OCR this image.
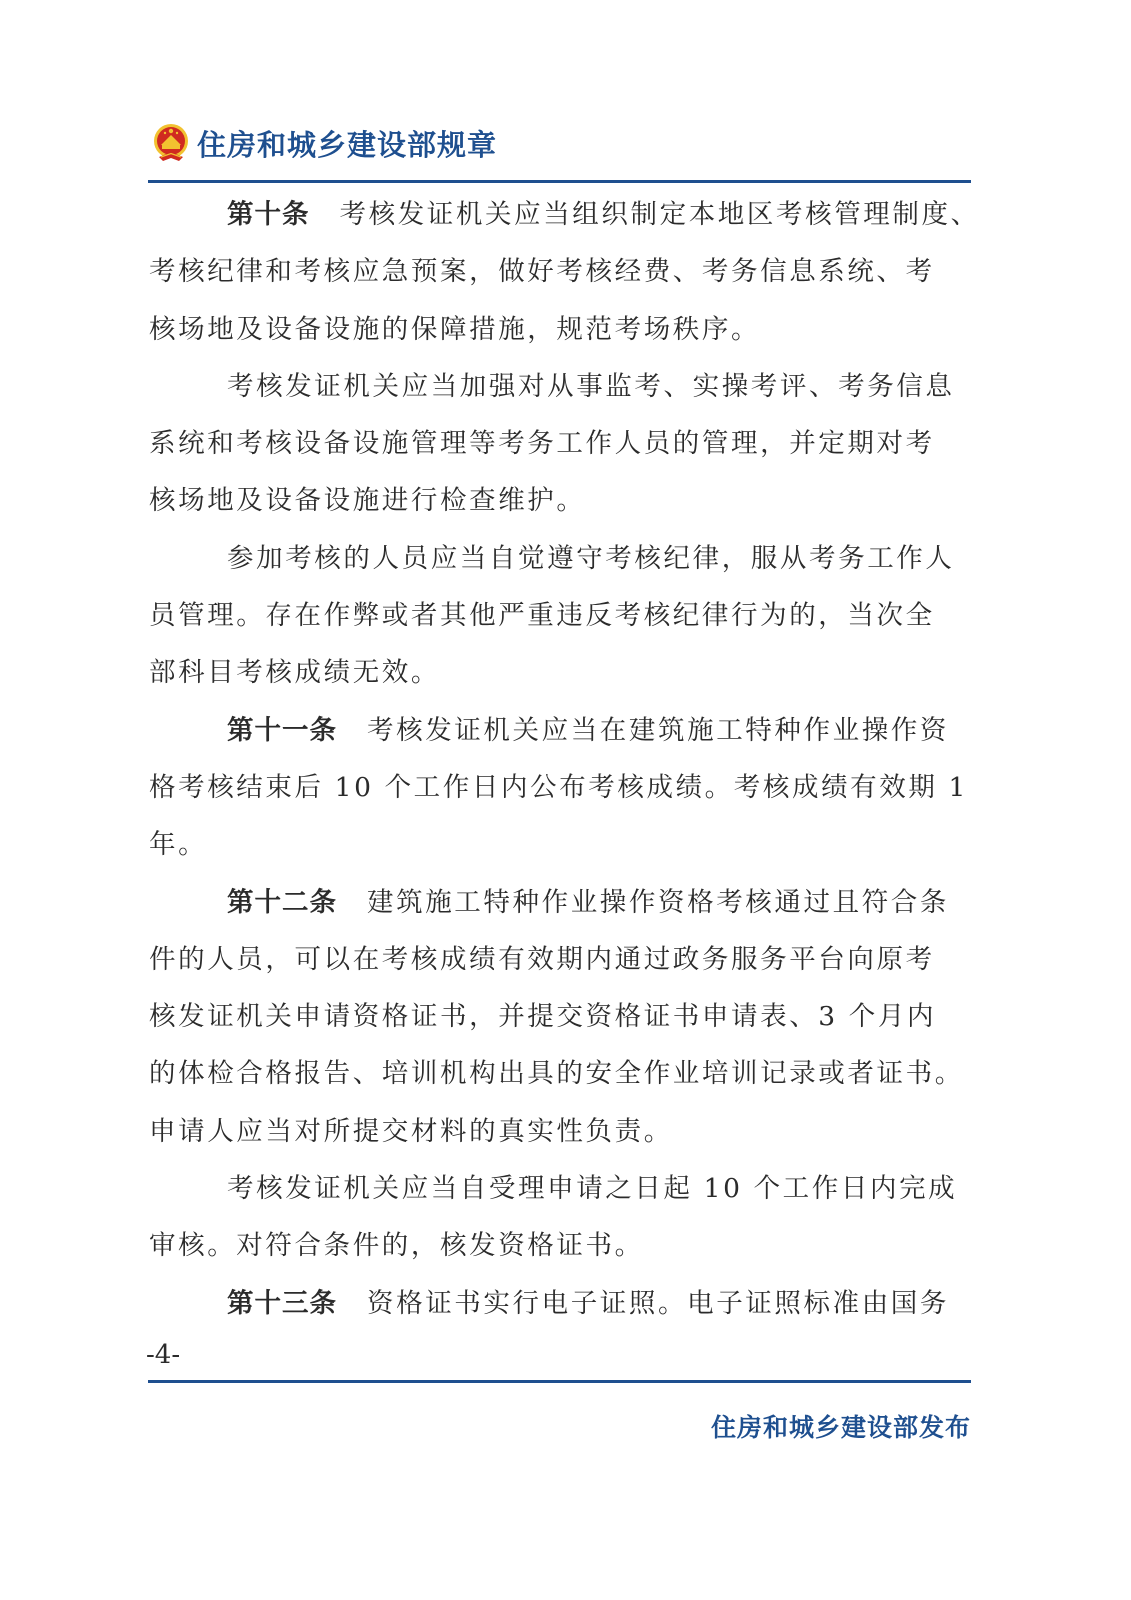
住房和城乡建设部规章
第十条 考核发证机关应当组织制定本地区考核管理制度、
考核纪律和考核应急预案，做好考核经费、考务信息系统、考
核场地及设备设施的保障措施，规范考场秩序。
考核发证机关应当加强对从事监考、实操考评、考务信息
系统和考核设备设施管理等考务工作人员的管理，并定期对考
核场地及设备设施进行检查维护。
参加考核的人员应当自觉遵守考核纪律，服从考务工作人
员管理。存在作弊或者其他严重违反考核纪律行为的，当次全
部科目考核成绩无效。
第十一条 考核发证机关应当在建筑施工特种作业操作资
格考核结束后 10 个工作日内公布考核成绩。考核成绩有效期 1
年。
第十二条 建筑施工特种作业操作资格考核通过且符合条
件的人员，可以在考核成绩有效期内通过政务服务平台向原考
核发证机关申请资格证书，并提交资格证书申请表、3 个月内
的体检合格报告、培训机构出具的安全作业培训记录或者证书。
申请人应当对所提交材料的真实性负责。
考核发证机关应当自受理申请之日起 10 个工作日内完成
审核。对符合条件的，核发资格证书。
第十三条 资格证书实行电子证照。电子证照标准由国务
-4-
住房和城乡建设部发布
